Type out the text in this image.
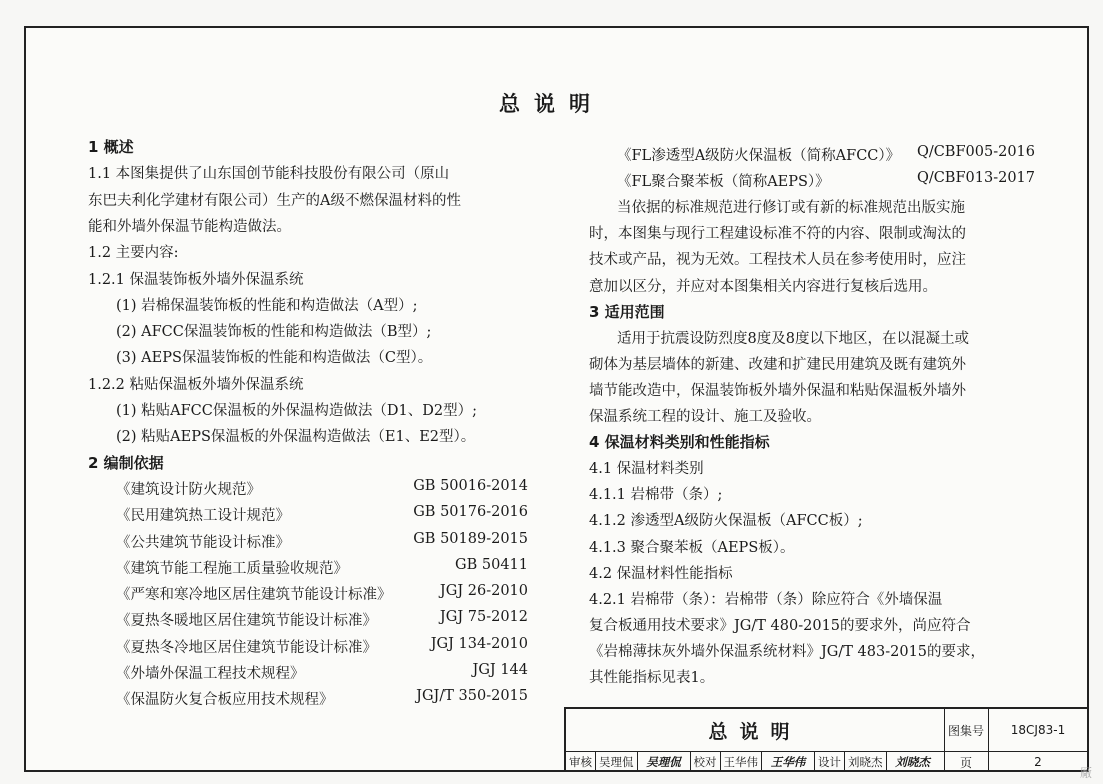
总说明
1 概述
1.1 本图集提供了山东国创节能科技股份有限公司（原山
东巴夫利化学建材有限公司）生产的A级不燃保温材料的性
能和外墙外保温节能构造做法。
1.2 主要内容:
1.2.1 保温装饰板外墙外保温系统
(1) 岩棉保温装饰板的性能和构造做法（A型）;
(2) AFCC保温装饰板的性能和构造做法（B型）;
(3) AEPS保温装饰板的性能和构造做法（C型）。
1.2.2 粘贴保温板外墙外保温系统
(1) 粘贴AFCC保温板的外保温构造做法（D1、D2型）;
(2) 粘贴AEPS保温板的外保温构造做法（E1、E2型）。
2 编制依据
《建筑设计防火规范》	GB 50016-2014
《民用建筑热工设计规范》	GB 50176-2016
《公共建筑节能设计标准》	GB 50189-2015
《建筑节能工程施工质量验收规范》	GB 50411
《严寒和寒冷地区居住建筑节能设计标准》	JGJ 26-2010
《夏热冬暖地区居住建筑节能设计标准》	JGJ 75-2012
《夏热冬冷地区居住建筑节能设计标准》	JGJ 134-2010
《外墙外保温工程技术规程》	JGJ 144
《保温防火复合板应用技术规程》	JGJ/T 350-2015
《FL渗透型A级防火保温板（简称AFCC）》 Q/CBF005-2016
《FL聚合聚苯板（简称AEPS）》	Q/CBF013-2017
当依据的标准规范进行修订或有新的标准规范出版实施
时，本图集与现行工程建设标准不符的内容、限制或淘汰的
技术或产品，视为无效。工程技术人员在参考使用时，应注
意加以区分，并应对本图集相关内容进行复核后选用。
3 适用范围
适用于抗震设防烈度8度及8度以下地区，在以混凝土或
砌体为基层墙体的新建、改建和扩建民用建筑及既有建筑外
墙节能改造中，保温装饰板外墙外保温和粘贴保温板外墙外
保温系统工程的设计、施工及验收。
4 保温材料类别和性能指标
4.1 保温材料类别
4.1.1 岩棉带（条）;
4.1.2 渗透型A级防火保温板（AFCC板）;
4.1.3 聚合聚苯板（AEPS板）。
4.2 保温材料性能指标
4.2.1 岩棉带（条）：岩棉带（条）除应符合《外墙保温
复合板通用技术要求》JG/T 480-2015的要求外，尚应符合
《岩棉薄抹灰外墙外保温系统材料》JG/T 483-2015的要求，
其性能指标见表1。
总说明	图集号	18CJ83-1
审核 吴理侃	吴理侃	校对 王华伟	王华伟	设计 刘晓杰	刘晓杰	页	2
厰
